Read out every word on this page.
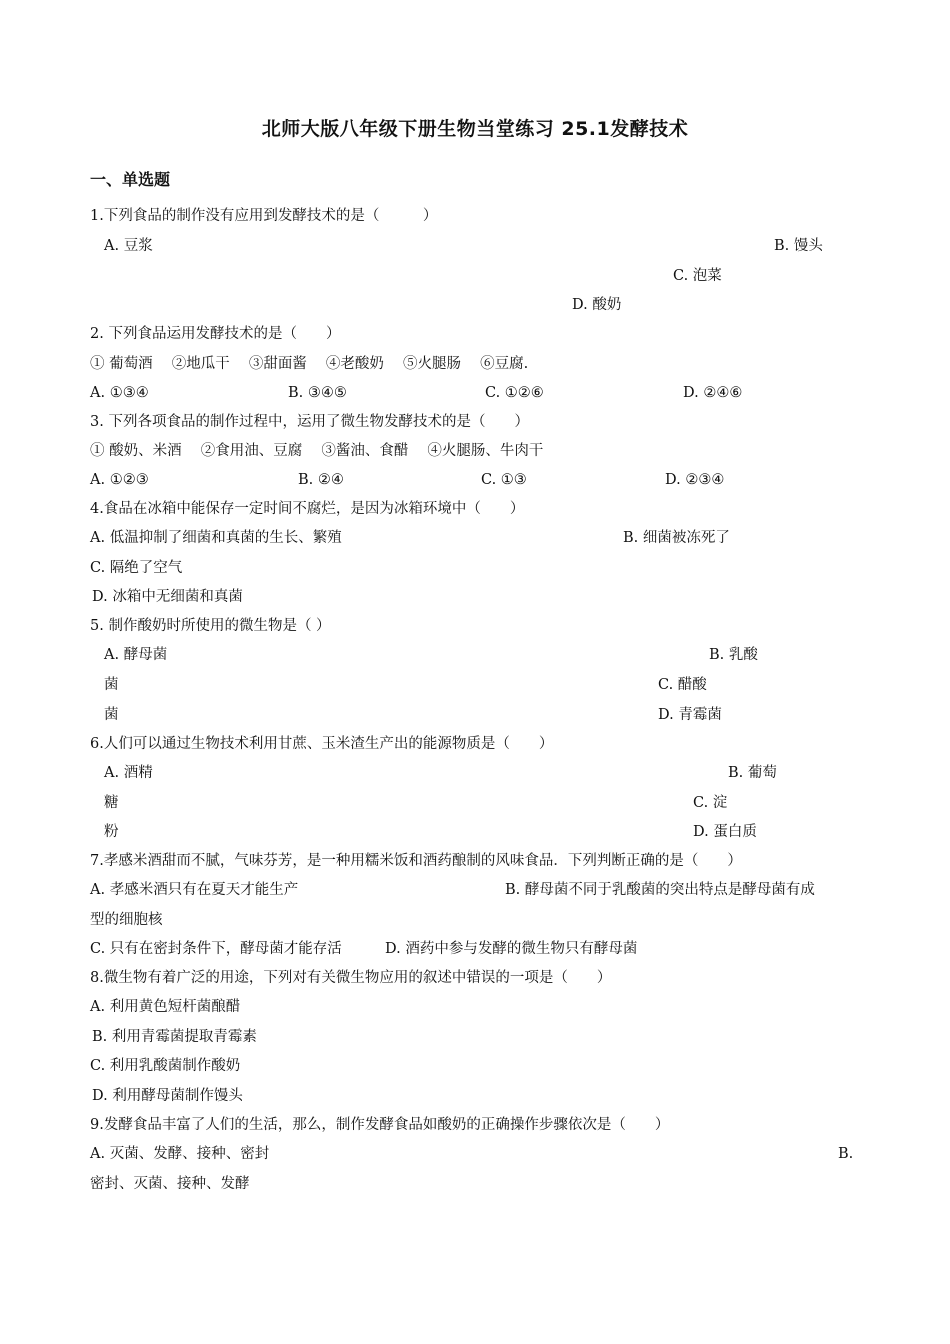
北师大版八年级下册生物当堂练习 25.1发酵技术
一、单选题
1.下列食品的制作没有应用到发酵技术的是（　　　）
A. 豆浆	B. 馒头
C. 泡菜
D. 酸奶
2. 下列食品运用发酵技术的是（　　）
① 葡萄酒　 ②地瓜干　 ③甜面酱　 ④老酸奶　 ⑤火腿肠　 ⑥豆腐.
A. ①③④	B. ③④⑤	C. ①②⑥	D. ②④⑥
3. 下列各项食品的制作过程中，运用了微生物发酵技术的是（　　）
① 酸奶、米酒　 ②食用油、豆腐　 ③酱油、食醋　 ④火腿肠、牛肉干
A. ①②③	B. ②④	C. ①③	D. ②③④
4.食品在冰箱中能保存一定时间不腐烂，是因为冰箱环境中（　　）
A. 低温抑制了细菌和真菌的生长、繁殖	B. 细菌被冻死了
C. 隔绝了空气
D. 冰箱中无细菌和真菌
5. 制作酸奶时所使用的微生物是（ ）
A. 酵母菌	B. 乳酸
菌	C. 醋酸
菌	D. 青霉菌
6.人们可以通过生物技术利用甘蔗、玉米渣生产出的能源物质是（　　）
A. 酒精	B. 葡萄
糖	C. 淀
粉	D. 蛋白质
7.孝感米酒甜而不腻，气味芬芳，是一种用糯米饭和酒药酿制的风味食品．下列判断正确的是（　　）
A. 孝感米酒只有在夏天才能生产	B. 酵母菌不同于乳酸菌的突出特点是酵母菌有成
型的细胞核
C. 只有在密封条件下，酵母菌才能存活	D. 酒药中参与发酵的微生物只有酵母菌
8.微生物有着广泛的用途，下列对有关微生物应用的叙述中错误的一项是（　　）
A. 利用黄色短杆菌酿醋
B. 利用青霉菌提取青霉素
C. 利用乳酸菌制作酸奶
D. 利用酵母菌制作馒头
9.发酵食品丰富了人们的生活，那么，制作发酵食品如酸奶的正确操作步骤依次是（　　）
A. 灭菌、发酵、接种、密封	B.
密封、灭菌、接种、发酵
